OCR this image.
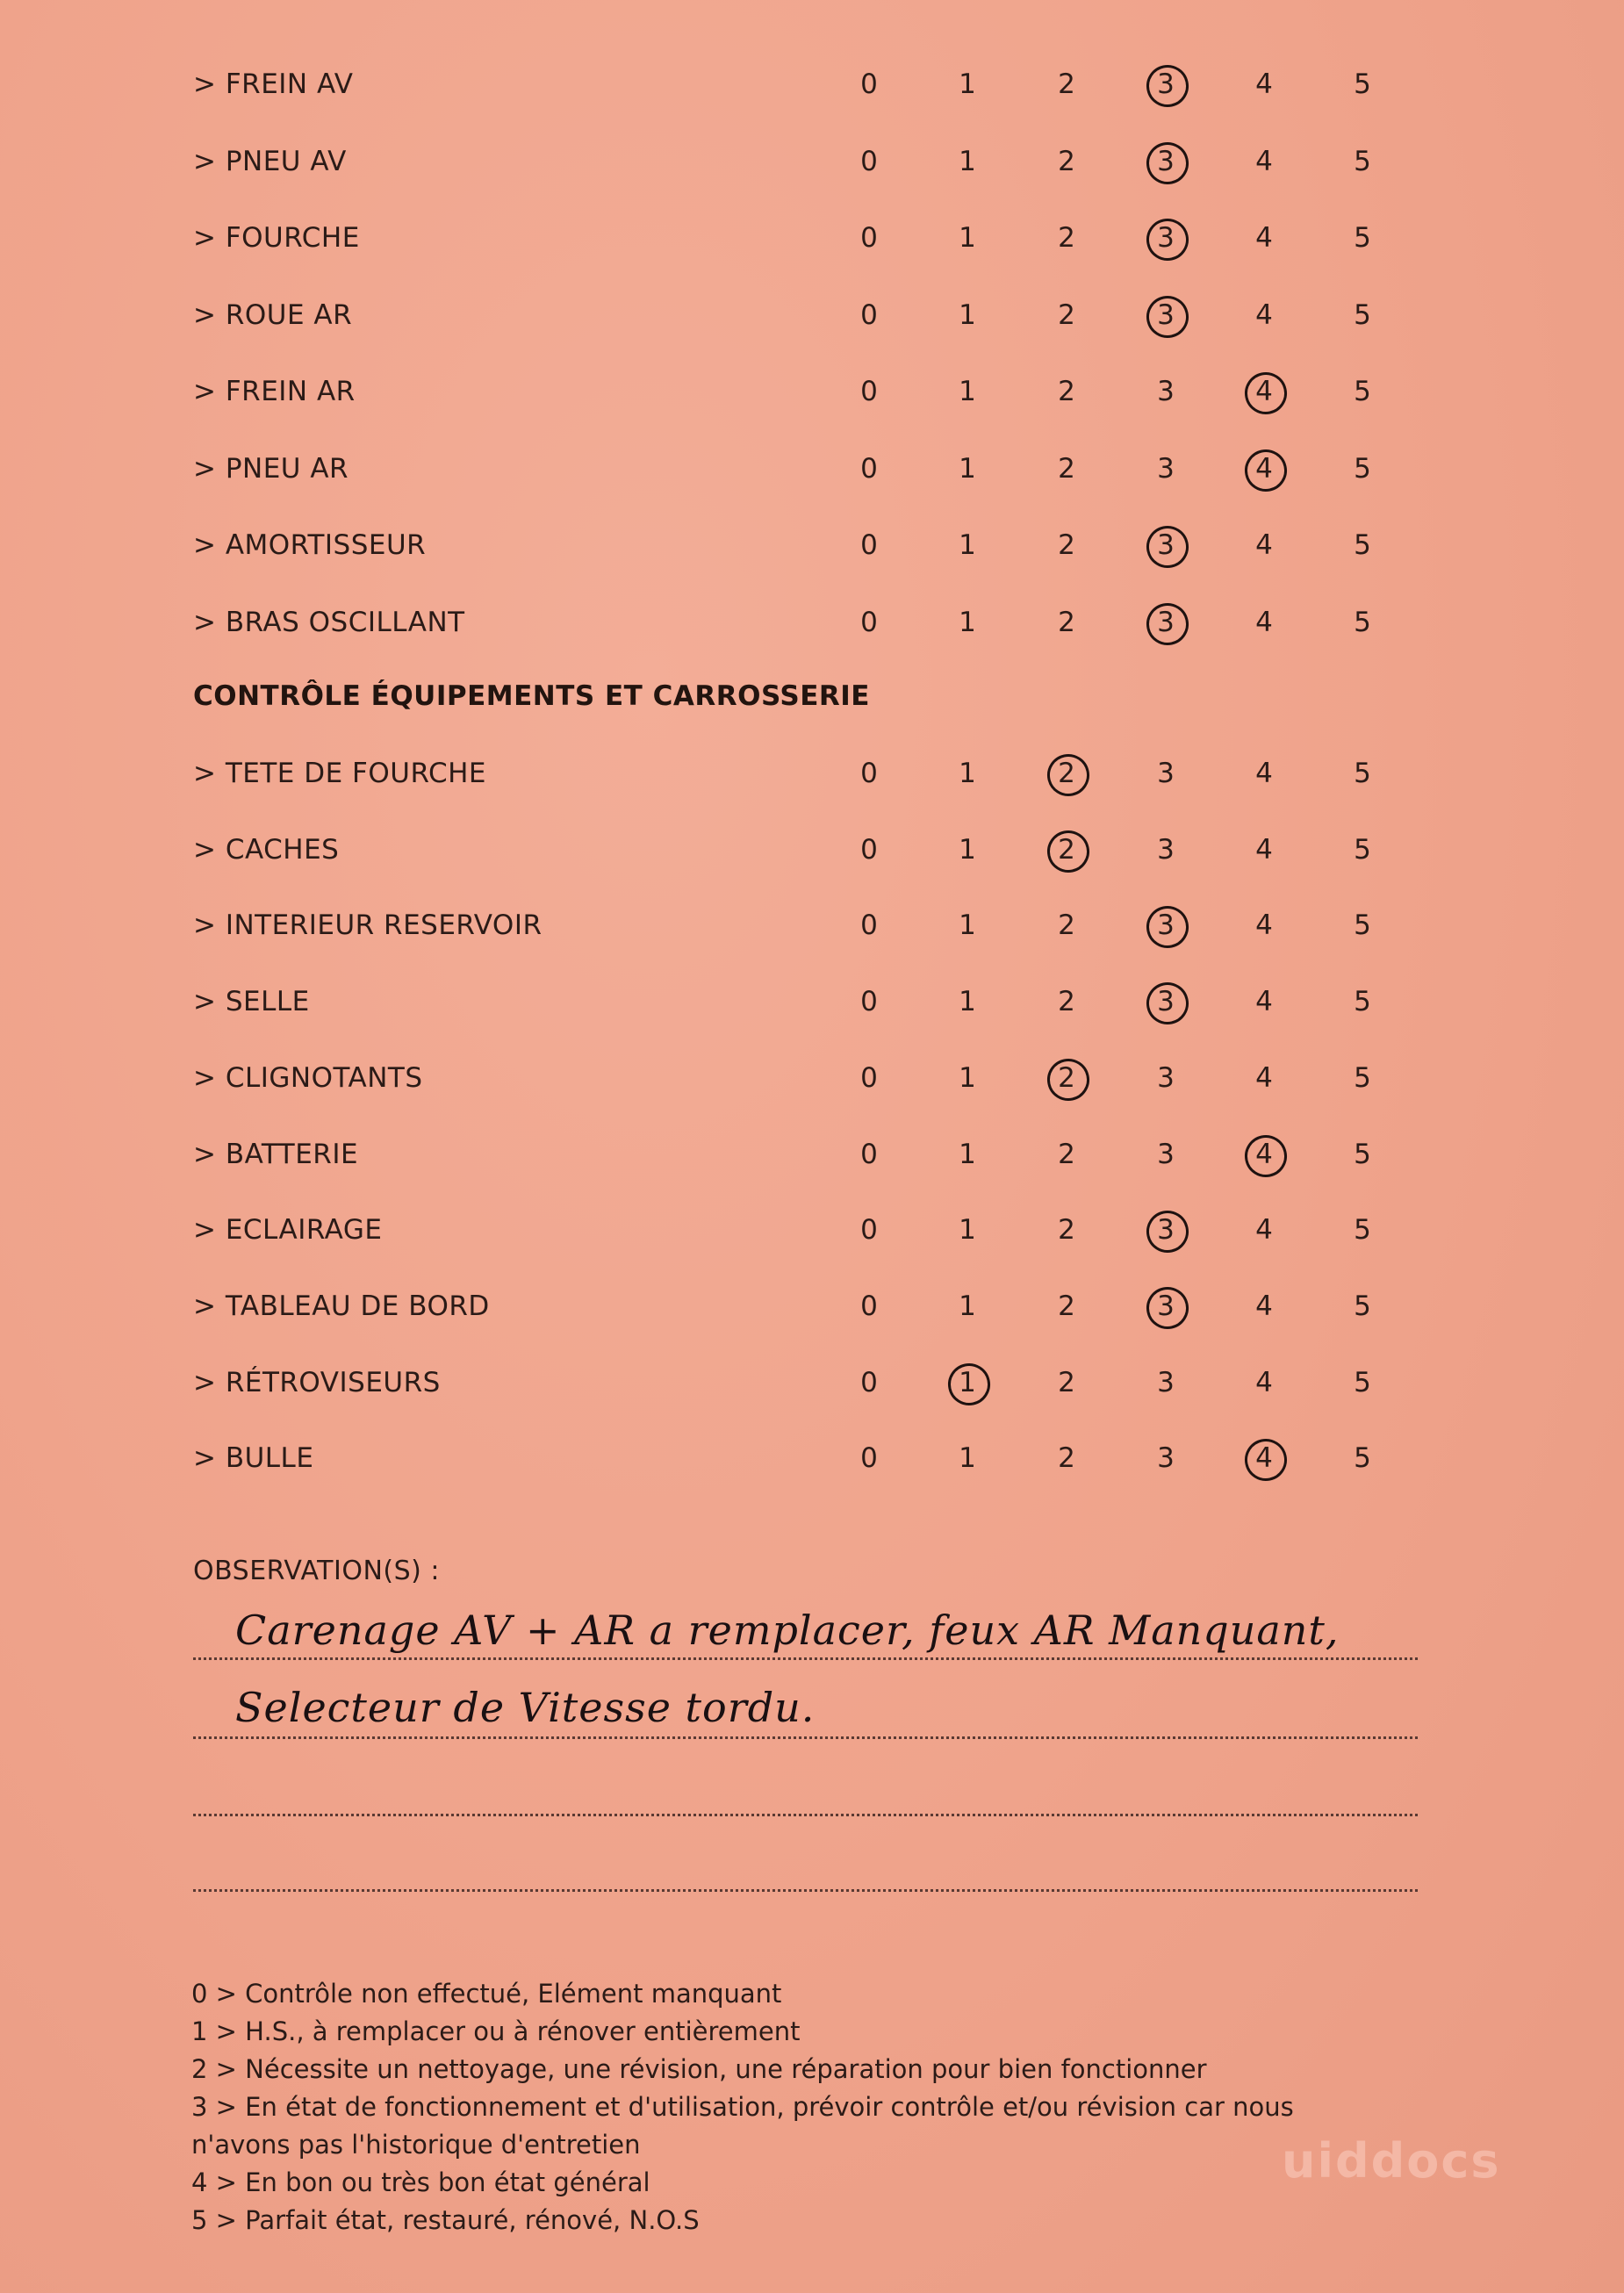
> FREIN AV	0	1	2	3	4	5
> PNEU AV	0	1	2	3	4	5
> FOURCHE	0	1	2	3	4	5
> ROUE AR	0	1	2	3	4	5
> FREIN AR	0	1	2	3	4	5
> PNEU AR	0	1	2	3	4	5
> AMORTISSEUR	0	1	2	3	4	5
> BRAS OSCILLANT	0	1	2	3	4	5
CONTRÔLE ÉQUIPEMENTS ET CARROSSERIE
> TETE DE FOURCHE	0	1	2	3	4	5
> CACHES	0	1	2	3	4	5
> INTERIEUR RESERVOIR	0	1	2	3	4	5
> SELLE	0	1	2	3	4	5
> CLIGNOTANTS	0	1	2	3	4	5
> BATTERIE	0	1	2	3	4	5
> ECLAIRAGE	0	1	2	3	4	5
> TABLEAU DE BORD	0	1	2	3	4	5
> RÉTROVISEURS	0	1	2	3	4	5
> BULLE	0	1	2	3	4	5
OBSERVATION(S) :
Carenage AV + AR a remplacer, feux AR Manquant,
Selecteur de Vitesse tordu.
0 > Contrôle non effectué, Elément manquant
1 > H.S., à remplacer ou à rénover entièrement
2 > Nécessite un nettoyage, une révision, une réparation pour bien fonctionner
3 > En état de fonctionnement et d'utilisation, prévoir contrôle et/ou révision car nous
n'avons pas l'historique d'entretien
4 > En bon ou très bon état général
5 > Parfait état, restauré, rénové, N.O.S
uiddocs
